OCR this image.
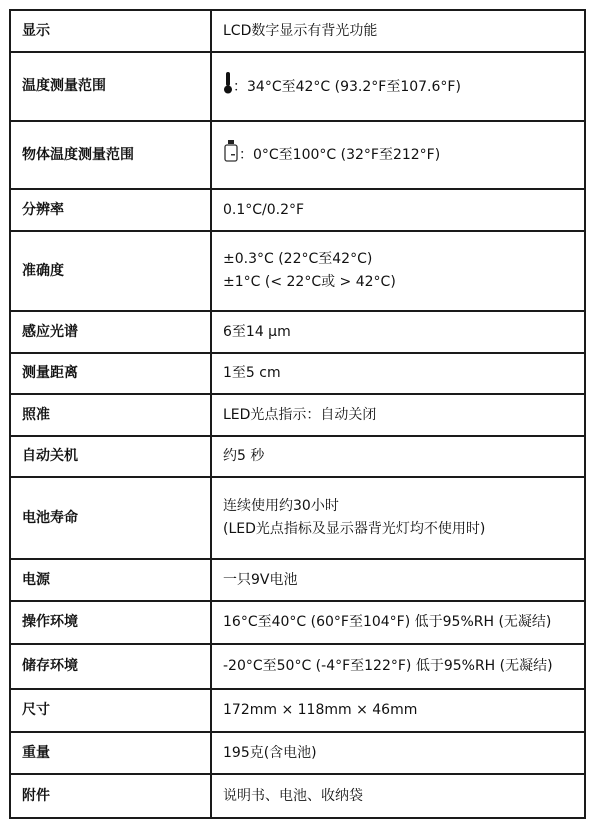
显示	LCD数字显示有背光功能

温度测量范围	：34°C至42°C (93.2°F至107.6°F)

物体温度测量范围	：0°C至100°C (32°F至212°F)

分辨率	0.1°C/0.2°F

准确度	±0.3°C (22°C至42°C)
±1°C (< 22°C或 > 42°C)

感应光谱	6至14 μm

测量距离	1至5 cm

照准	LED光点指示：自动关闭

自动关机	约5 秒

电池寿命	连续使用约30小时
(LED光点指标及显示器背光灯均不使用时)

电源	一只9V电池

操作环境	16°C至40°C (60°F至104°F) 低于95%RH (无凝结)

储存环境	-20°C至50°C (-4°F至122°F) 低于95%RH (无凝结)

尺寸	172mm × 118mm × 46mm

重量	195克(含电池)

附件	说明书、电池、收纳袋
